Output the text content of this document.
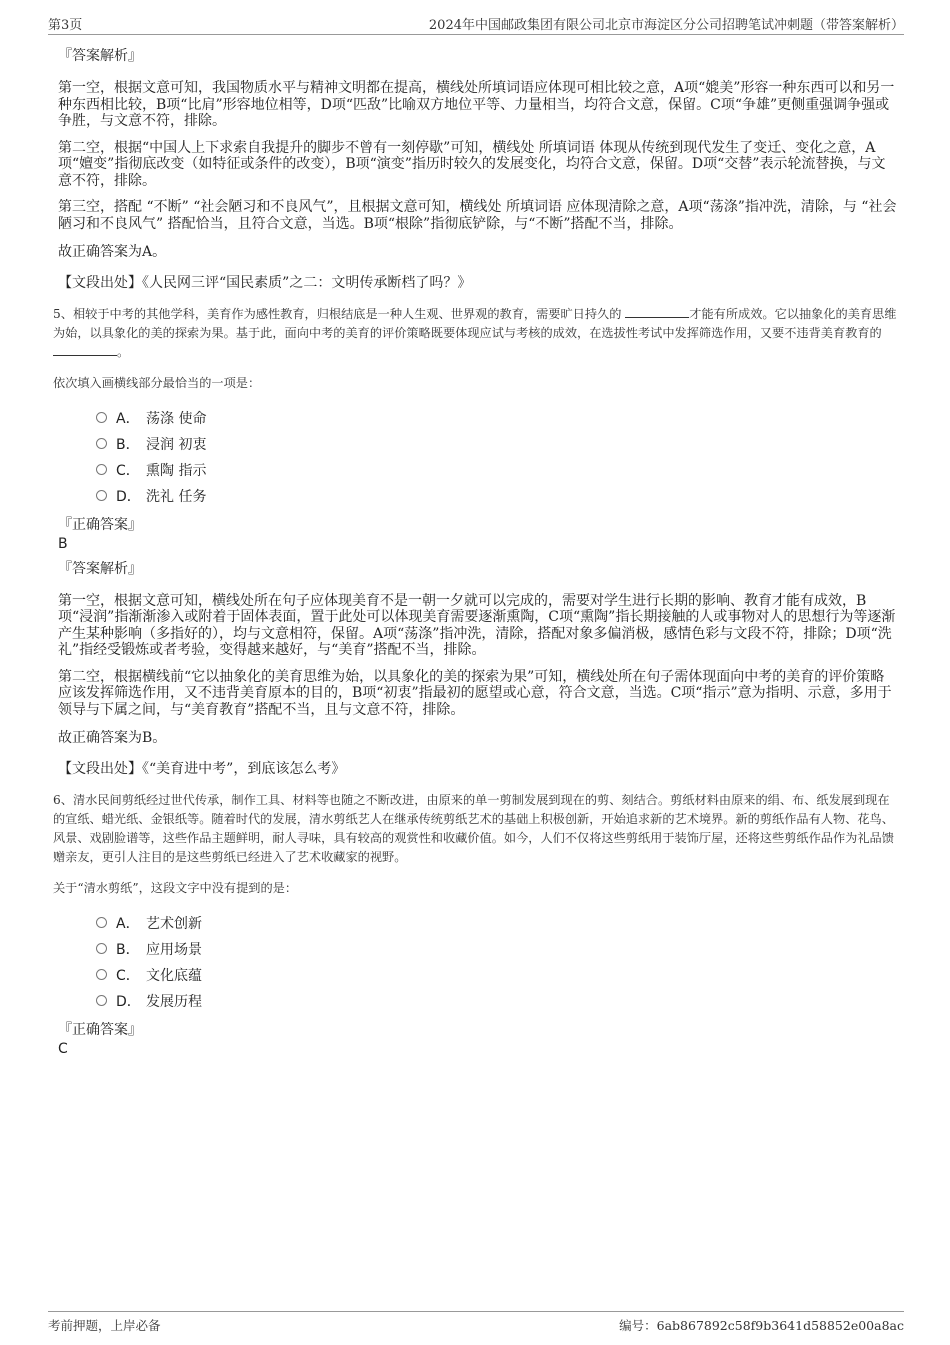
第3页	2024年中国邮政集团有限公司北京市海淀区分公司招聘笔试冲刺题（带答案解析）
『答案解析』

第一空，根据文意可知，我国物质水平与精神文明都在提高，横线处所填词语应体现可相比较之意，A项“媲美”形容一种东西可以和另一种东西相比较，B项“比肩”形容地位相等，D项“匹敌”比喻双方地位平等、力量相当，均符合文意，保留。C项“争雄”更侧重强调争强或争胜，与文意不符，排除。

第二空，根据“中国人上下求索自我提升的脚步不曾有一刻停歇”可知，横线处 所填词语 体现从传统到现代发生了变迁、变化之意，A项“嬗变”指彻底改变（如特征或条件的改变），B项“演变”指历时较久的发展变化，均符合文意，保留。D项“交替”表示轮流替换，与文意不符，排除。

第三空，搭配 “不断” “社会陋习和不良风气”，且根据文意可知，横线处 所填词语 应体现清除之意，A项“荡涤”指冲洗，清除，与 “社会陋习和不良风气” 搭配恰当，且符合文意，当选。B项“根除”指彻底铲除，与“不断”搭配不当，排除。

故正确答案为A。

【文段出处】《人民网三评“国民素质”之二：文明传承断档了吗？》

5、相较于中考的其他学科，美育作为感性教育，归根结底是一种人生观、世界观的教育，需要旷日持久的	才能有所成效。它以抽象化的美育思维为始，以具象化的美的探索为果。基于此，面向中考的美育的评价策略既要体现应试与考核的成效，在选拔性考试中发挥筛选作用，又要不违背美育教育的 。

依次填入画横线部分最恰当的一项是：

A． 荡涤 使命
B． 浸润 初衷
C． 熏陶 指示
D． 洗礼 任务
『正确答案』
B
『答案解析』

第一空，根据文意可知，横线处所在句子应体现美育不是一朝一夕就可以完成的，需要对学生进行长期的影响、教育才能有成效，B项“浸润”指渐渐渗入或附着于固体表面，置于此处可以体现美育需要逐渐熏陶，C项“熏陶”指长期接触的人或事物对人的思想行为等逐渐产生某种影响（多指好的），均与文意相符，保留。A项“荡涤”指冲洗，清除，搭配对象多偏消极，感情色彩与文段不符，排除；D项“洗礼”指经受锻炼或者考验，变得越来越好，与“美育”搭配不当，排除。

第二空，根据横线前“它以抽象化的美育思维为始，以具象化的美的探索为果”可知，横线处所在句子需体现面向中考的美育的评价策略应该发挥筛选作用，又不违背美育原本的目的，B项“初衷”指最初的愿望或心意，符合文意，当选。C项“指示”意为指明、示意，多用于领导与下属之间，与“美育教育”搭配不当，且与文意不符，排除。

故正确答案为B。

【文段出处】《“美育进中考”，到底该怎么考》

6、清水民间剪纸经过世代传承，制作工具、材料等也随之不断改进，由原来的单一剪制发展到现在的剪、刻结合。剪纸材料由原来的绢、布、纸发展到现在的宣纸、蜡光纸、金银纸等。随着时代的发展，清水剪纸艺人在继承传统剪纸艺术的基础上积极创新，开始追求新的艺术境界。新的剪纸作品有人物、花鸟、风景、戏剧脸谱等，这些作品主题鲜明，耐人寻味，具有较高的观赏性和收藏价值。如今，人们不仅将这些剪纸用于装饰厅屋，还将这些剪纸作品作为礼品馈赠亲友，更引人注目的是这些剪纸已经进入了艺术收藏家的视野。

关于“清水剪纸”，这段文字中没有提到的是：

A． 艺术创新
B． 应用场景
C． 文化底蕴
D． 发展历程
『正确答案』
C
考前押题，上岸必备	编号：6ab867892c58f9b3641d58852e00a8ac
